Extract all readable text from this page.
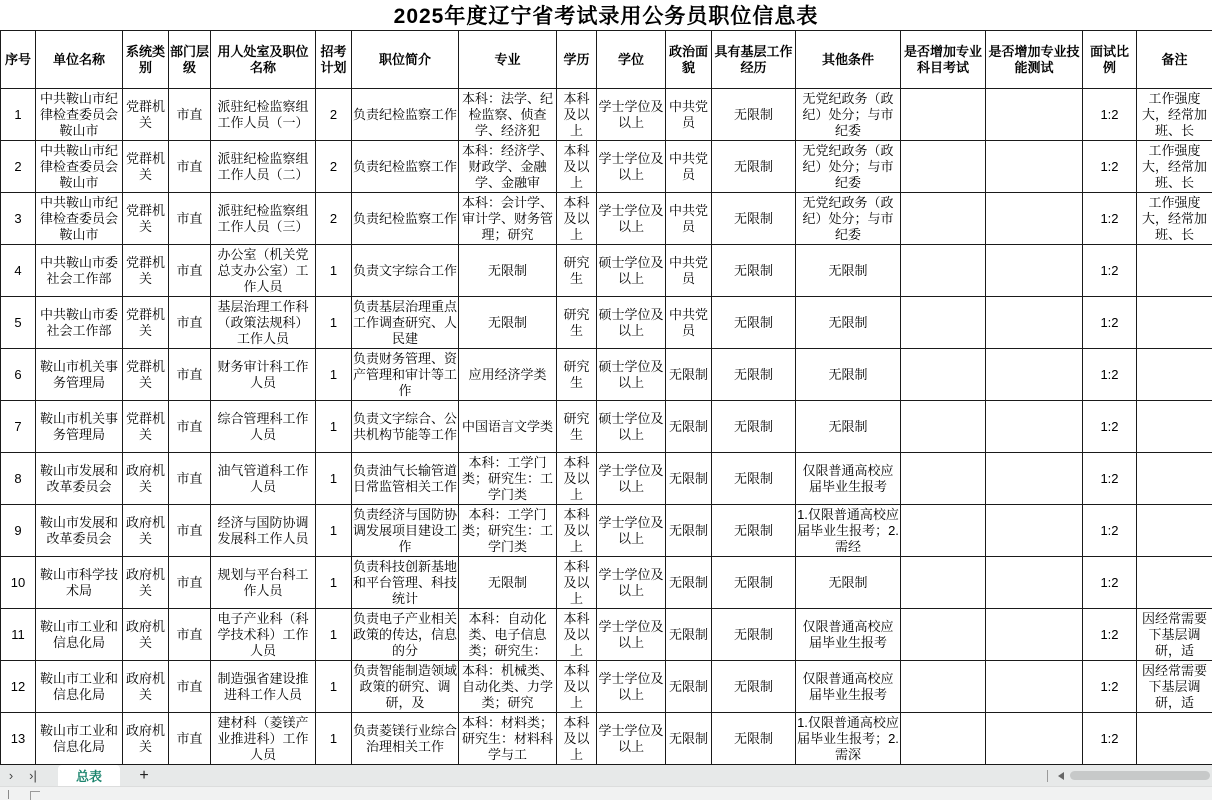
2025年度辽宁省考试录用公务员职位信息表
序号	单位名称	系统类别	部门层级	用人处室及职位名称	招考计划	职位简介	专业	学历	学位	政治面貌	具有基层工作经历	其他条件	是否增加专业科目考试	是否增加专业技能测试	面试比例	备注

1	中共鞍山市纪律检查委员会鞍山市	党群机关	市直	派驻纪检监察组工作人员（一）	2	负责纪检监察工作	本科：法学、纪检监察、侦查学、经济犯	本科及以上	学士学位及以上	中共党员	无限制	无党纪政务（政纪）处分；与市纪委			1:2	工作强度大，经常加班、长

2	中共鞍山市纪律检查委员会鞍山市	党群机关	市直	派驻纪检监察组工作人员（二）	2	负责纪检监察工作	本科：经济学、财政学、金融学、金融审	本科及以上	学士学位及以上	中共党员	无限制	无党纪政务（政纪）处分；与市纪委			1:2	工作强度大，经常加班、长

3	中共鞍山市纪律检查委员会鞍山市	党群机关	市直	派驻纪检监察组工作人员（三）	2	负责纪检监察工作	本科：会计学、审计学、财务管理；研究	本科及以上	学士学位及以上	中共党员	无限制	无党纪政务（政纪）处分；与市纪委			1:2	工作强度大，经常加班、长

4	中共鞍山市委社会工作部	党群机关	市直	办公室（机关党总支办公室）工作人员	1	负责文字综合工作	无限制	研究生	硕士学位及以上	中共党员	无限制	无限制			1:2	

5	中共鞍山市委社会工作部	党群机关	市直	基层治理工作科（政策法规科）工作人员	1	负责基层治理重点工作调查研究、人民建	无限制	研究生	硕士学位及以上	中共党员	无限制	无限制			1:2	

6	鞍山市机关事务管理局	党群机关	市直	财务审计科工作人员	1	负责财务管理、资产管理和审计等工作	应用经济学类	研究生	硕士学位及以上	无限制	无限制	无限制			1:2	

7	鞍山市机关事务管理局	党群机关	市直	综合管理科工作人员	1	负责文字综合、公共机构节能等工作	中国语言文学类	研究生	硕士学位及以上	无限制	无限制	无限制			1:2	

8	鞍山市发展和改革委员会	政府机关	市直	油气管道科工作人员	1	负责油气长输管道日常监管相关工作	本科：工学门类；研究生：工学门类	本科及以上	学士学位及以上	无限制	无限制	仅限普通高校应届毕业生报考			1:2	

9	鞍山市发展和改革委员会	政府机关	市直	经济与国防协调发展科工作人员	1	负责经济与国防协调发展项目建设工作	本科：工学门类；研究生：工学门类	本科及以上	学士学位及以上	无限制	无限制	1.仅限普通高校应届毕业生报考；2.需经			1:2	

10	鞍山市科学技术局	政府机关	市直	规划与平台科工作人员	1	负责科技创新基地和平台管理、科技统计	无限制	本科及以上	学士学位及以上	无限制	无限制	无限制			1:2	

11	鞍山市工业和信息化局	政府机关	市直	电子产业科（科学技术科）工作人员	1	负责电子产业相关政策的传达，信息的分	本科：自动化类、电子信息类；研究生：	本科及以上	学士学位及以上	无限制	无限制	仅限普通高校应届毕业生报考			1:2	因经常需要下基层调研，适

12	鞍山市工业和信息化局	政府机关	市直	制造强省建设推进科工作人员	1	负责智能制造领域政策的研究、调研，及	本科：机械类、自动化类、力学类；研究	本科及以上	学士学位及以上	无限制	无限制	仅限普通高校应届毕业生报考			1:2	因经常需要下基层调研，适

13	鞍山市工业和信息化局	政府机关	市直	建材科（菱镁产业推进科）工作人员	1	负责菱镁行业综合治理相关工作	本科：材料类；研究生：材料科学与工	本科及以上	学士学位及以上	无限制	无限制	1.仅限普通高校应届毕业生报考；2.需深			1:2	

›	›|	总表	+
